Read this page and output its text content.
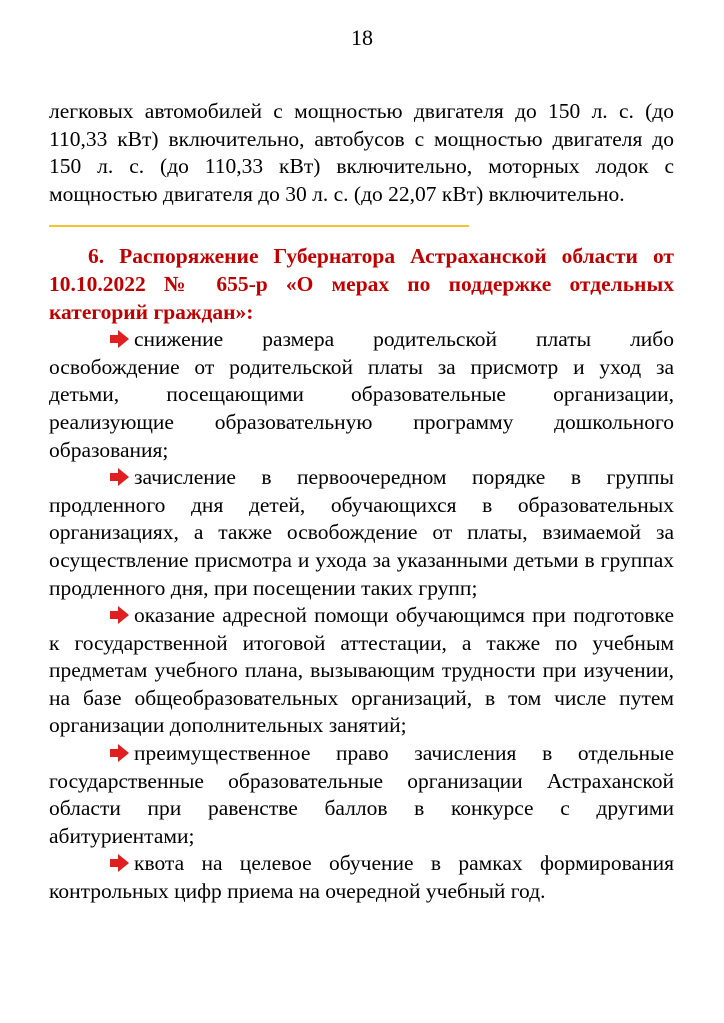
18

легковых автомобилей с мощностью двигателя до 150 л. с. (до 110,33 кВт) включительно, автобусов с мощностью двигателя до 150 л. с. (до 110,33 кВт) включительно, моторных лодок с мощностью двигателя до 30 л. с. (до 22,07 кВт) включительно.

6. Распоряжение Губернатора Астраханской области от 10.10.2022 № 655-р «О мерах по поддержке отдельных категорий граждан»:

снижение размера родительской платы либо освобождение от родительской платы за присмотр и уход за детьми, посещающими образовательные организации, реализующие образовательную программу дошкольного образования;

зачисление в первоочередном порядке в группы продленного дня детей, обучающихся в образовательных организациях, а также освобождение от платы, взимаемой за осуществление присмотра и ухода за указанными детьми в группах продленного дня, при посещении таких групп;

оказание адресной помощи обучающимся при подготовке к государственной итоговой аттестации, а также по учебным предметам учебного плана, вызывающим трудности при изучении, на базе общеобразовательных организаций, в том числе путем организации дополнительных занятий;

преимущественное право зачисления в отдельные государственные образовательные организации Астраханской области при равенстве баллов в конкурсе с другими абитуриентами;

квота на целевое обучение в рамках формирования контрольных цифр приема на очередной учебный год.
